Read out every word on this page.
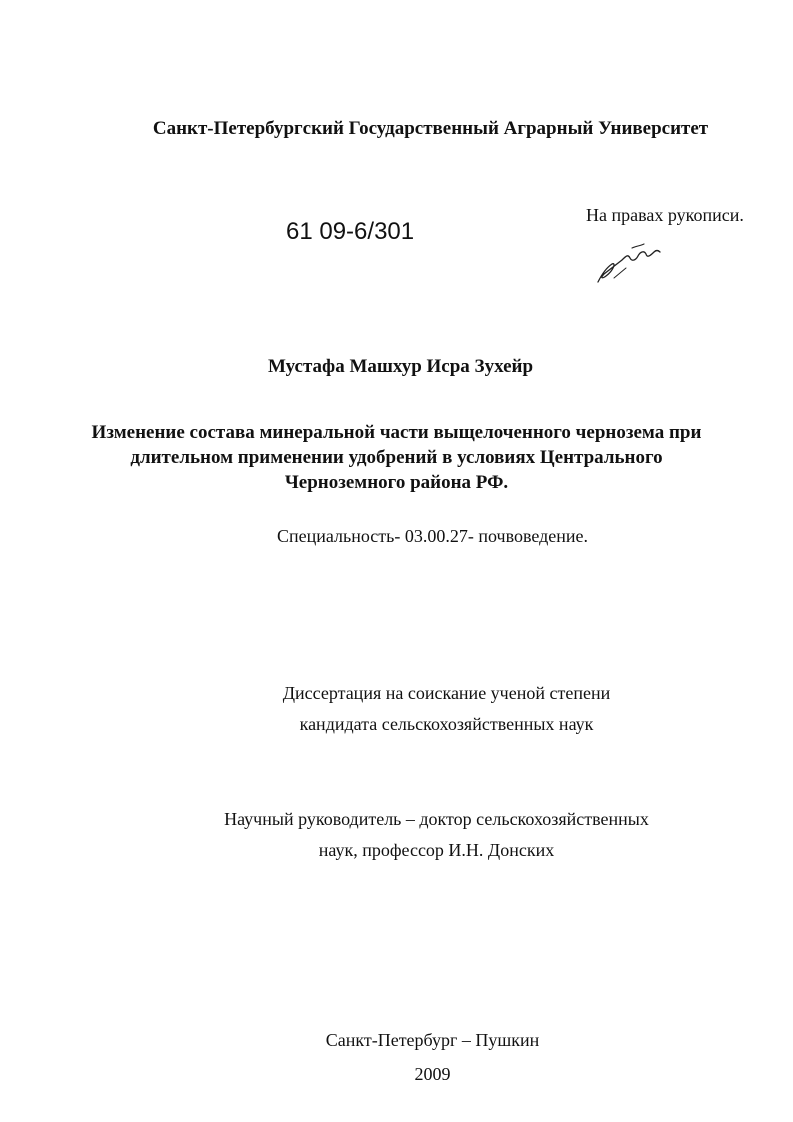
Санкт-Петербургский Государственный Аграрный Университет
61 09-6/301
На правах рукописи.
Мустафа Машхур Исра Зухейр
Изменение состава минеральной части выщелоченного чернозема при
длительном применении удобрений в условиях Центрального
Черноземного района РФ.
Специальность- 03.00.27- почвоведение.
Диссертация на соискание ученой степени
кандидата сельскохозяйственных наук
Научный руководитель – доктор сельскохозяйственных
наук, профессор И.Н. Донских
Санкт-Петербург – Пушкин
2009
